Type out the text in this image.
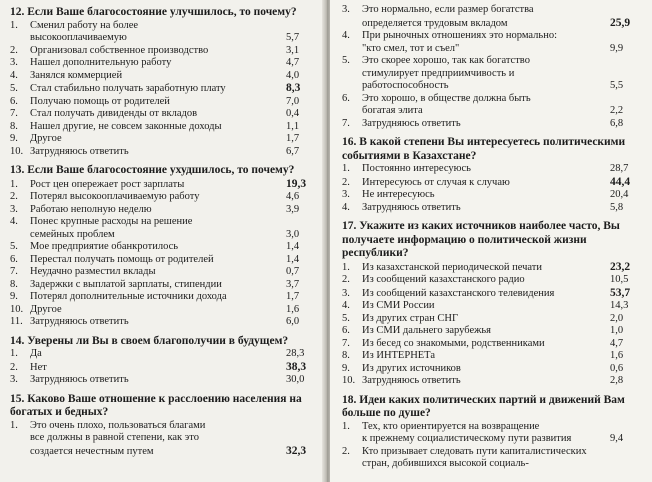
12. Если Ваше благосостояние улучшилось, то почему?

1.	Сменил работу на более
высокооплачиваемую	5,7
2.	Организовал собственное производство	3,1
3.	Нашел дополнительную работу	4,7
4.	Занялся коммерцией	4,0
5.	Стал стабильно получать заработную плату	8,3
6.	Получаю помощь от родителей	7,0
7.	Стал получать дивиденды от вкладов	0,4
8.	Нашел другие, не совсем законные доходы	1,1
9.	Другое	1,7
10. Затрудняюсь ответить	6,7

13. Если Ваше благосостояние ухудшилось, то почему?

1.	Рост цен опережает рост зарплаты	19,3
2.	Потерял высокооплачиваемую работу	4,6
3.	Работаю неполную неделю	3,9
4.	Понес крупные расходы на решение
семейных проблем	3,0
5.	Мое предприятие обанкротилось	1,4
6.	Перестал получать помощь от родителей	1,4
7.	Неудачно разместил вклады	0,7
8.	Задержки с выплатой зарплаты, стипендии	3,7
9.	Потерял дополнительные источники дохода	1,7
10. Другое	1,6
11. Затрудняюсь ответить	6,0

14. Уверены ли Вы в своем благополучии в будущем?

1.	Да	28,3
2.	Нет	38,3
3.	Затрудняюсь ответить	30,0

15. Каково Ваше отношение к расслоению населения на богатых и бедных?

1.	Это очень плохо, пользоваться благами
все должны в равной степени, как это
создается нечестным путем	32,3
3.	Это нормально, если размер богатства
определяется трудовым вкладом	25,9
4.	При рыночных отношениях это нормально:
"кто смел, тот и съел"	9,9
5.	Это скорее хорошо, так как богатство
стимулирует предприимчивость и
работоспособность	5,5
6.	Это хорошо, в обществе должна быть
богатая элита	2,2
7.	Затрудняюсь ответить	6,8

16. В какой степени Вы интересуетесь политическими событиями в Казахстане?

1.	Постоянно интересуюсь	28,7
2.	Интересуюсь от случая к случаю	44,4
3.	Не интересуюсь	20,4
4.	Затрудняюсь ответить	5,8

17. Укажите из каких источников наиболее часто, Вы получаете информацию о политической жизни республики?

1.	Из казахстанской периодической печати	23,2
2.	Из сообщений казахстанского радио	10,5
3.	Из сообщений казахстанского телевидения	53,7
4.	Из СМИ России	14,3
5.	Из других стран СНГ	2,0
6.	Из СМИ дальнего зарубежья	1,0
7.	Из бесед со знакомыми, родственниками	4,7
8.	Из ИНТЕРНЕТа	1,6
9.	Из других источников	0,6
10. Затрудняюсь ответить	2,8

18. Идеи каких политических партий и движений Вам больше по душе?

1.	Тех, кто ориентируется на возвращение
к прежнему социалистическому пути развития	9,4
2.	Кто призывает следовать пути капиталистических стран, добившихся высокой социаль-
